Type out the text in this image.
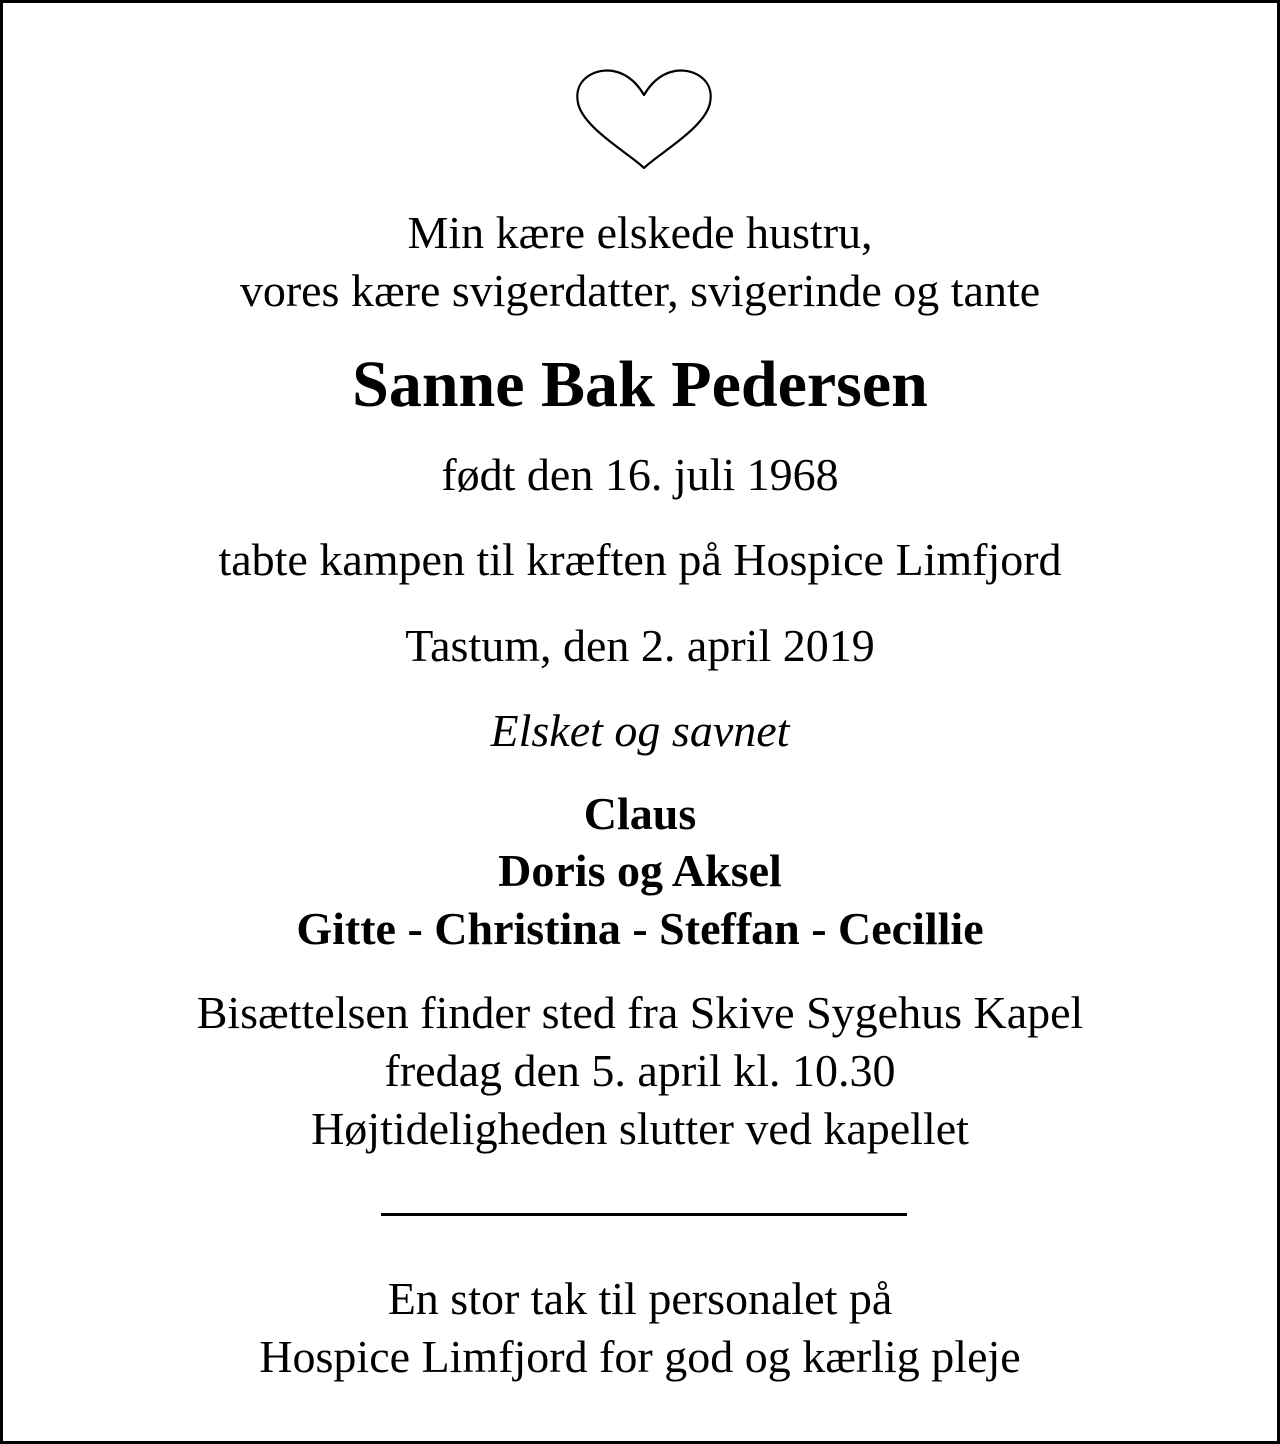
Min kære elskede hustru,
vores kære svigerdatter, svigerinde og tante
Sanne Bak Pedersen
født den 16. juli 1968
tabte kampen til kræften på Hospice Limfjord
Tastum, den 2. april 2019
Elsket og savnet
Claus
Doris og Aksel
Gitte - Christina - Steffan - Cecillie
Bisættelsen finder sted fra Skive Sygehus Kapel
fredag den 5. april kl. 10.30
Højtideligheden slutter ved kapellet
En stor tak til personalet på
Hospice Limfjord for god og kærlig pleje
